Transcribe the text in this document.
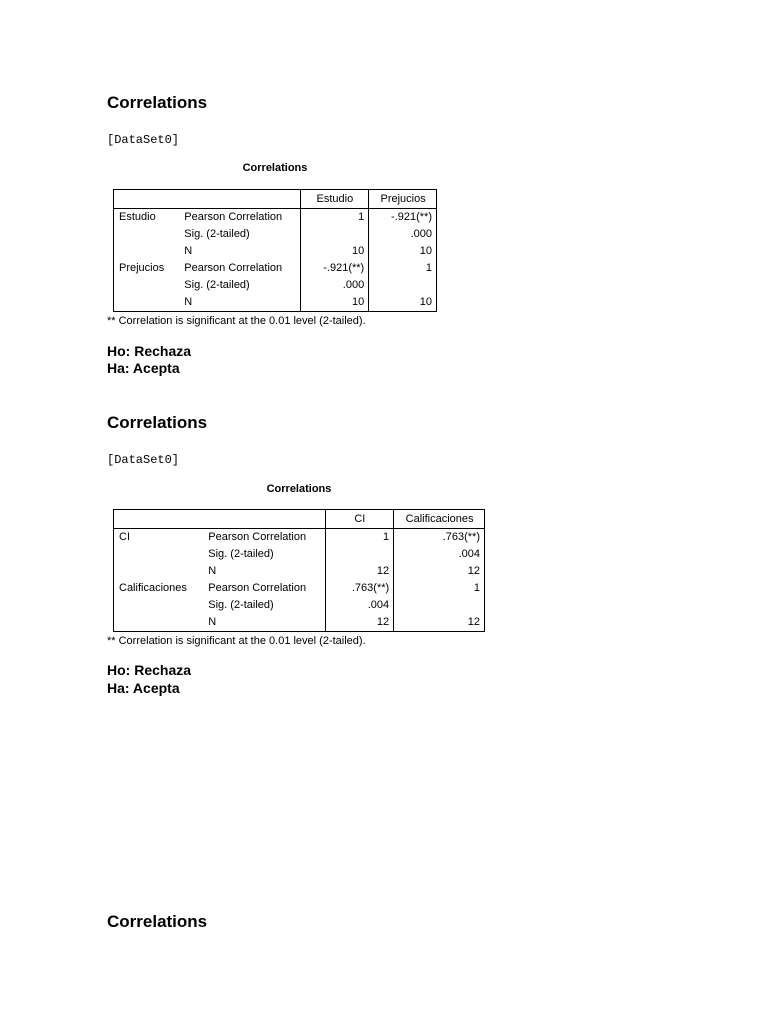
Correlations
[DataSet0]
Correlations
		Estudio	Prejucios
Estudio	Pearson Correlation	1	-.921(**)
	Sig. (2-tailed)		.000
	N	10	10
Prejucios	Pearson Correlation	-.921(**)	1
	Sig. (2-tailed)	.000	
	N	10	10
** Correlation is significant at the 0.01 level (2-tailed).

Ho: Rechaza

Ha: Acepta

Correlations
[DataSet0]
Correlations
		CI	Calificaciones
CI	Pearson Correlation	1	.763(**)
	Sig. (2-tailed)		.004
	N	12	12
Calificaciones	Pearson Correlation	.763(**)	1
	Sig. (2-tailed)	.004	
	N	12	12
** Correlation is significant at the 0.01 level (2-tailed).

Ho: Rechaza

Ha: Acepta

Correlations
